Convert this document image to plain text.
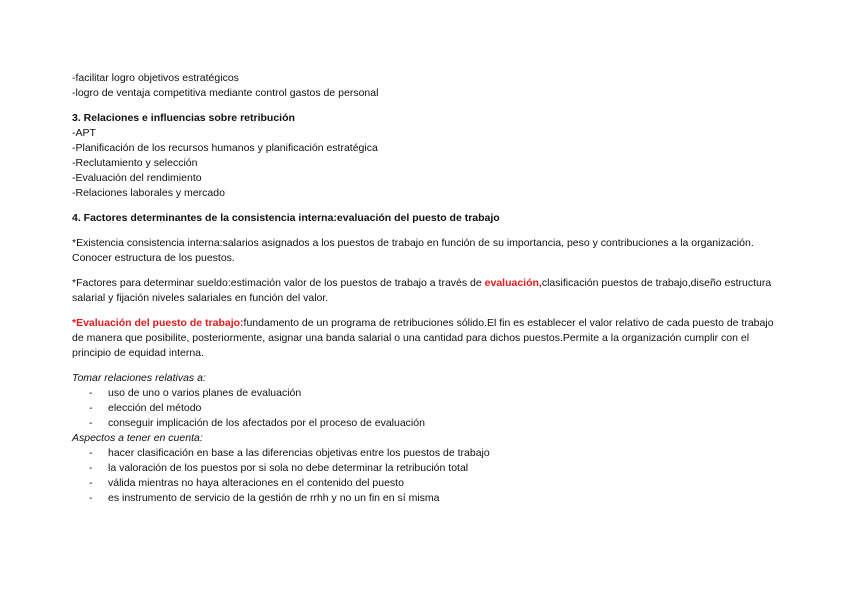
-facilitar logro objetivos estratégicos
-logro de ventaja competitiva mediante control gastos de personal
3. Relaciones e influencias sobre retribución
-APT
-Planificación de los recursos humanos y planificación estratégica
-Reclutamiento y selección
-Evaluación del rendimiento
-Relaciones laborales y mercado
4. Factores determinantes de la consistencia interna:evaluación del puesto de trabajo
*Existencia consistencia interna:salarios asignados a los puestos de trabajo en función de su importancia, peso y contribuciones a la organización. Conocer estructura de los puestos.
*Factores para determinar sueldo:estimación valor de los puestos de trabajo a través de evaluación,clasificación puestos de trabajo,diseño estructura salarial y fijación niveles salariales en función del valor.
*Evaluación del puesto de trabajo:fundamento de un programa de retribuciones sólido.El fin es establecer el valor relativo de cada puesto de trabajo de manera que posibilite, posteriormente, asignar una banda salarial o una cantidad para dichos puestos.Permite a la organización cumplir con el principio de equidad interna.
Tomar relaciones relativas a:
- uso de uno o varios planes de evaluación
- elección del método
- conseguir implicación de los afectados por el proceso de evaluación
Aspectos a tener en cuenta:
- hacer clasificación en base a las diferencias objetivas entre los puestos de trabajo
- la valoración de los puestos por si sola no debe determinar la retribución total
- válida mientras no haya alteraciones en el contenido del puesto
- es instrumento de servicio de la gestión de rrhh y no un fin en sí misma
